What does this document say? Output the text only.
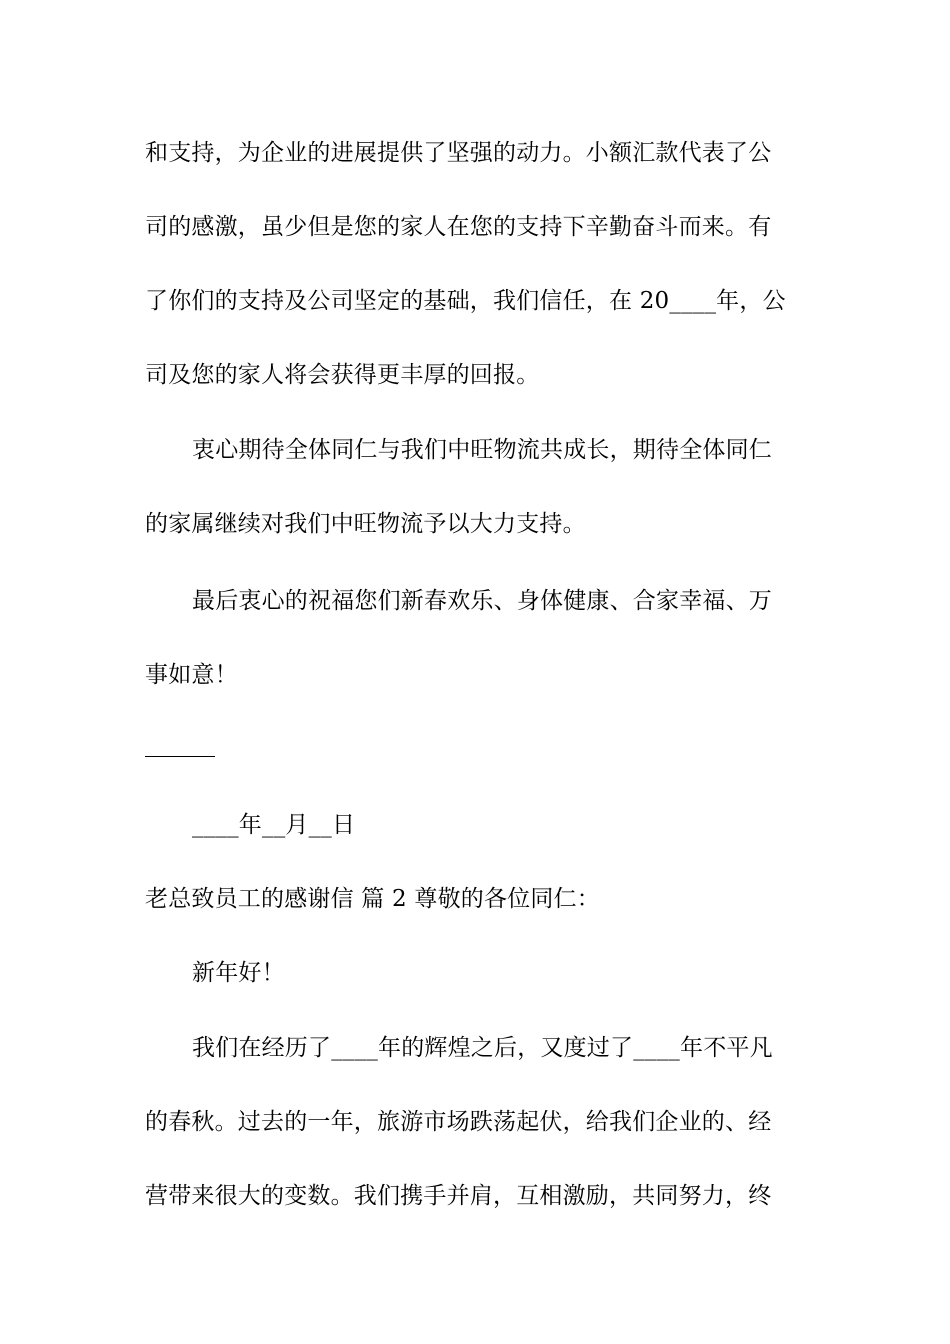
和支持，为企业的进展提供了坚强的动力。小额汇款代表了公
司的感激，虽少但是您的家人在您的支持下辛勤奋斗而来。有
了你们的支持及公司坚定的基础，我们信任，在 20____年，公
司及您的家人将会获得更丰厚的回报。
衷心期待全体同仁与我们中旺物流共成长，期待全体同仁
的家属继续对我们中旺物流予以大力支持。
最后衷心的祝福您们新春欢乐、身体健康、合家幸福、万
事如意！
____年__月__日
老总致员工的感谢信 篇 2 尊敬的各位同仁：
新年好！
我们在经历了____年的辉煌之后，又度过了____年不平凡
的春秋。过去的一年，旅游市场跌荡起伏，给我们企业的、经
营带来很大的变数。我们携手并肩，互相激励，共同努力，终
